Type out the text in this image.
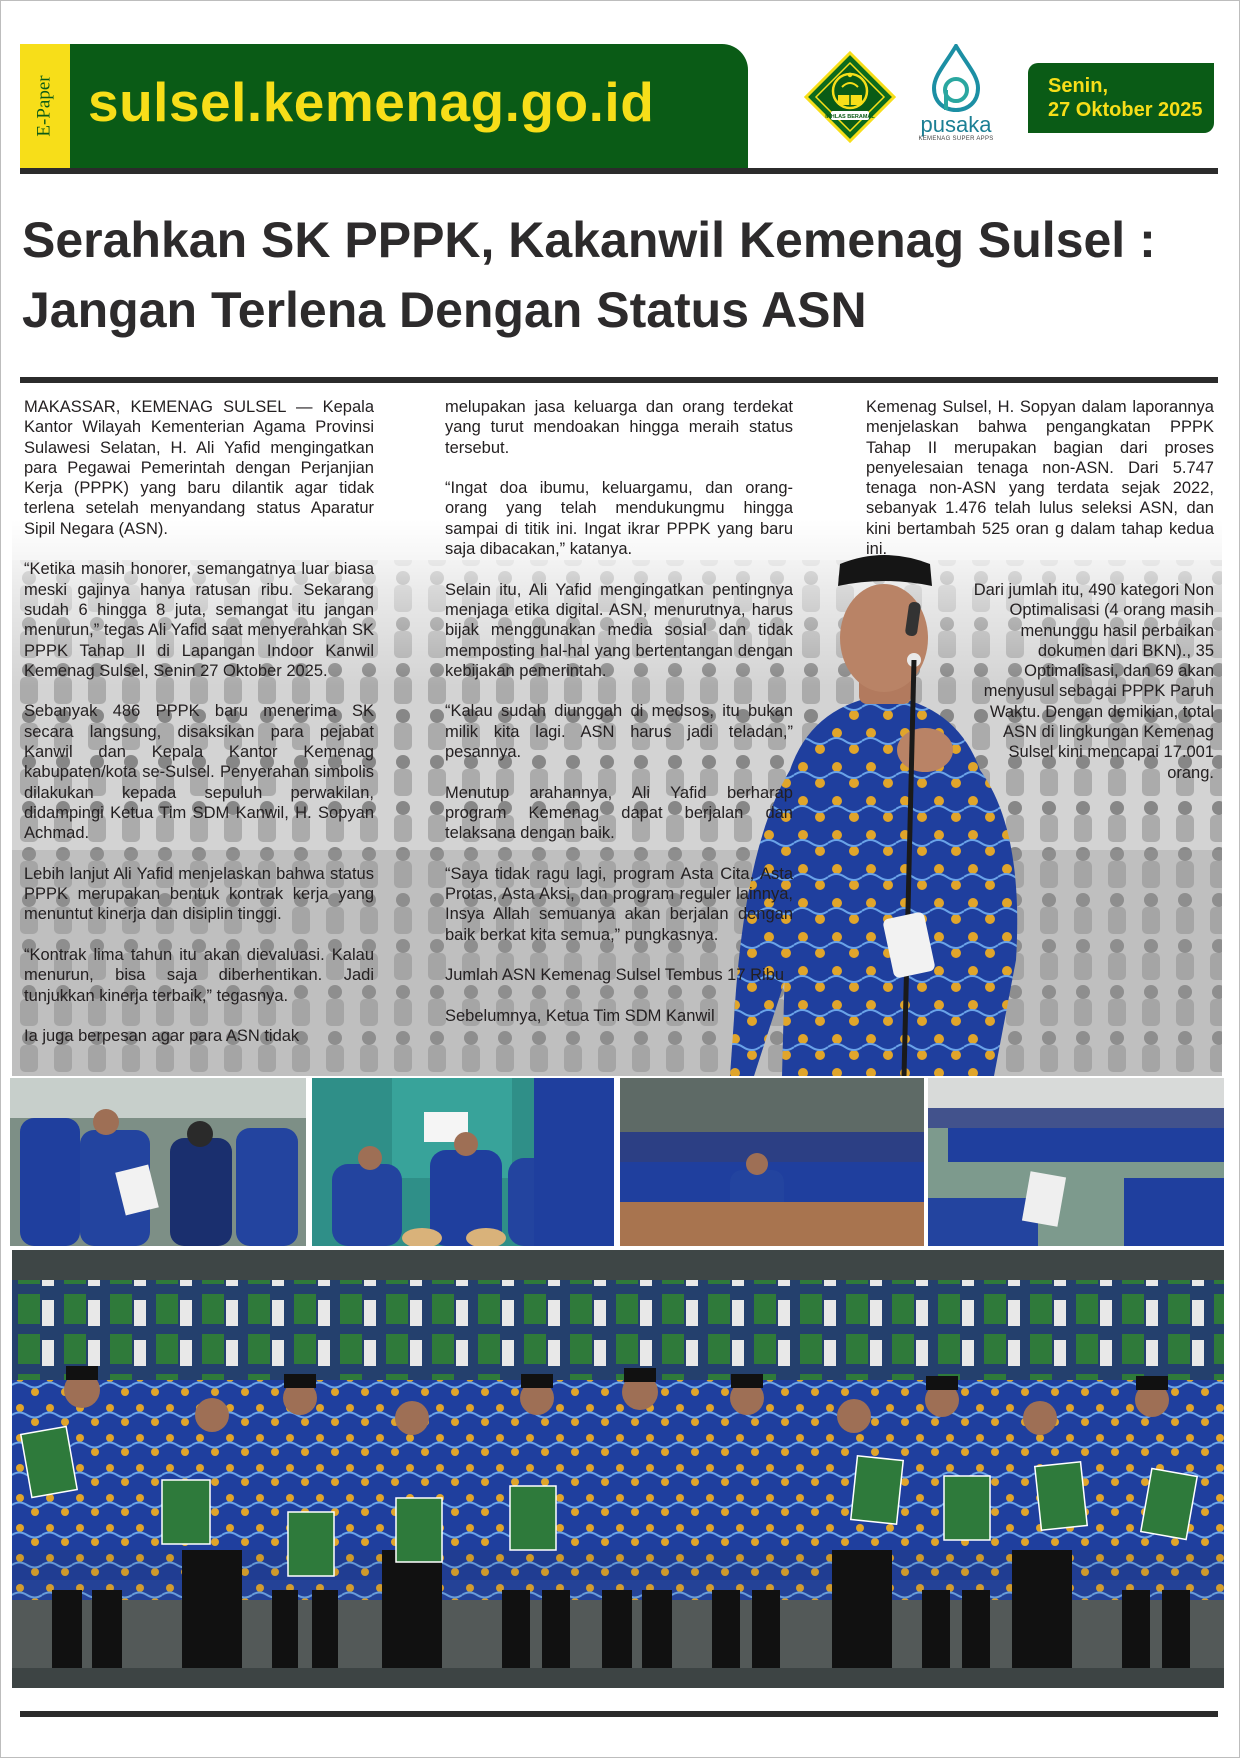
E-Paper sulsel.kemenag.go.id	IKHLAS BERAMAL	pusaka
KEMENAG SUPER APPS
Senin,
27 Oktober 2025
Serahkan SK PPPK, Kakanwil Kemenag Sulsel :
Jangan Terlena Dengan Status ASN

MAKASSAR, KEMENAG SULSEL — Kepala Kantor Wilayah Kementerian Agama Provinsi Sulawesi Selatan, H. Ali Yafid mengingatkan para Pegawai Pemerintah dengan Perjanjian Kerja (PPPK) yang baru dilantik agar tidak terlena setelah menyandang status Aparatur Sipil Negara (ASN).

“Ketika masih honorer, semangatnya luar biasa meski gajinya hanya ratusan ribu. Sekarang sudah 6 hingga 8 juta, semangat itu jangan menurun,” tegas Ali Yafid saat menyerahkan SK PPPK Tahap II di Lapangan Indoor Kanwil Kemenag Sulsel, Senin 27 Oktober 2025.

Sebanyak 486 PPPK baru menerima SK secara langsung, disaksikan para pejabat Kanwil dan Kepala Kantor Kemenag kabupaten/kota se-Sulsel. Penyerahan simbolis dilakukan kepada sepuluh perwakilan, didampingi Ketua Tim SDM Kanwil, H. Sopyan Achmad.

Lebih lanjut Ali Yafid menjelaskan bahwa status PPPK merupakan bentuk kontrak kerja yang menuntut kinerja dan disiplin tinggi.

“Kontrak lima tahun itu akan dievaluasi. Kalau menurun, bisa saja diberhentikan. Jadi tunjukkan kinerja terbaik,” tegasnya.

Ia juga berpesan agar para ASN tidak

melupakan jasa keluarga dan orang terdekat yang turut mendoakan hingga meraih status tersebut.

“Ingat doa ibumu, keluargamu, dan orang-orang yang telah mendukungmu hingga sampai di titik ini. Ingat ikrar PPPK yang baru saja dibacakan,” katanya.

Selain itu, Ali Yafid mengingatkan pentingnya menjaga etika digital. ASN, menurutnya, harus bijak menggunakan media sosial dan tidak memposting hal-hal yang bertentangan dengan kebijakan pemerintah.

“Kalau sudah diunggah di medsos, itu bukan milik kita lagi. ASN harus jadi teladan,” pesannya.

Menutup arahannya, Ali Yafid berharap program Kemenag dapat berjalan dan telaksana dengan baik.

“Saya tidak ragu lagi, program Asta Cita, Asta Protas, Asta Aksi, dan program reguler lainnya, Insya Allah semuanya akan berjalan dengan baik berkat kita semua,” pungkasnya.

Jumlah ASN Kemenag Sulsel Tembus 17 Ribu

Sebelumnya, Ketua Tim SDM Kanwil

Kemenag Sulsel, H. Sopyan dalam laporannya menjelaskan bahwa pengangkatan PPPK Tahap II merupakan bagian dari proses penyelesaian tenaga non-ASN. Dari 5.747 tenaga non-ASN yang terdata sejak 2022, sebanyak 1.476 telah lulus seleksi ASN, dan kini bertambah 525 oran g dalam tahap kedua ini.

Dari jumlah itu, 490 kategori Non Optimalisasi (4 orang masih menunggu hasil perbaikan dokumen dari BKN)., 35 Optimalisasi, dan 69 akan menyusul sebagai PPPK Paruh Waktu. Dengan demikian, total ASN di lingkungan Kemenag Sulsel kini mencapai 17.001 orang.
